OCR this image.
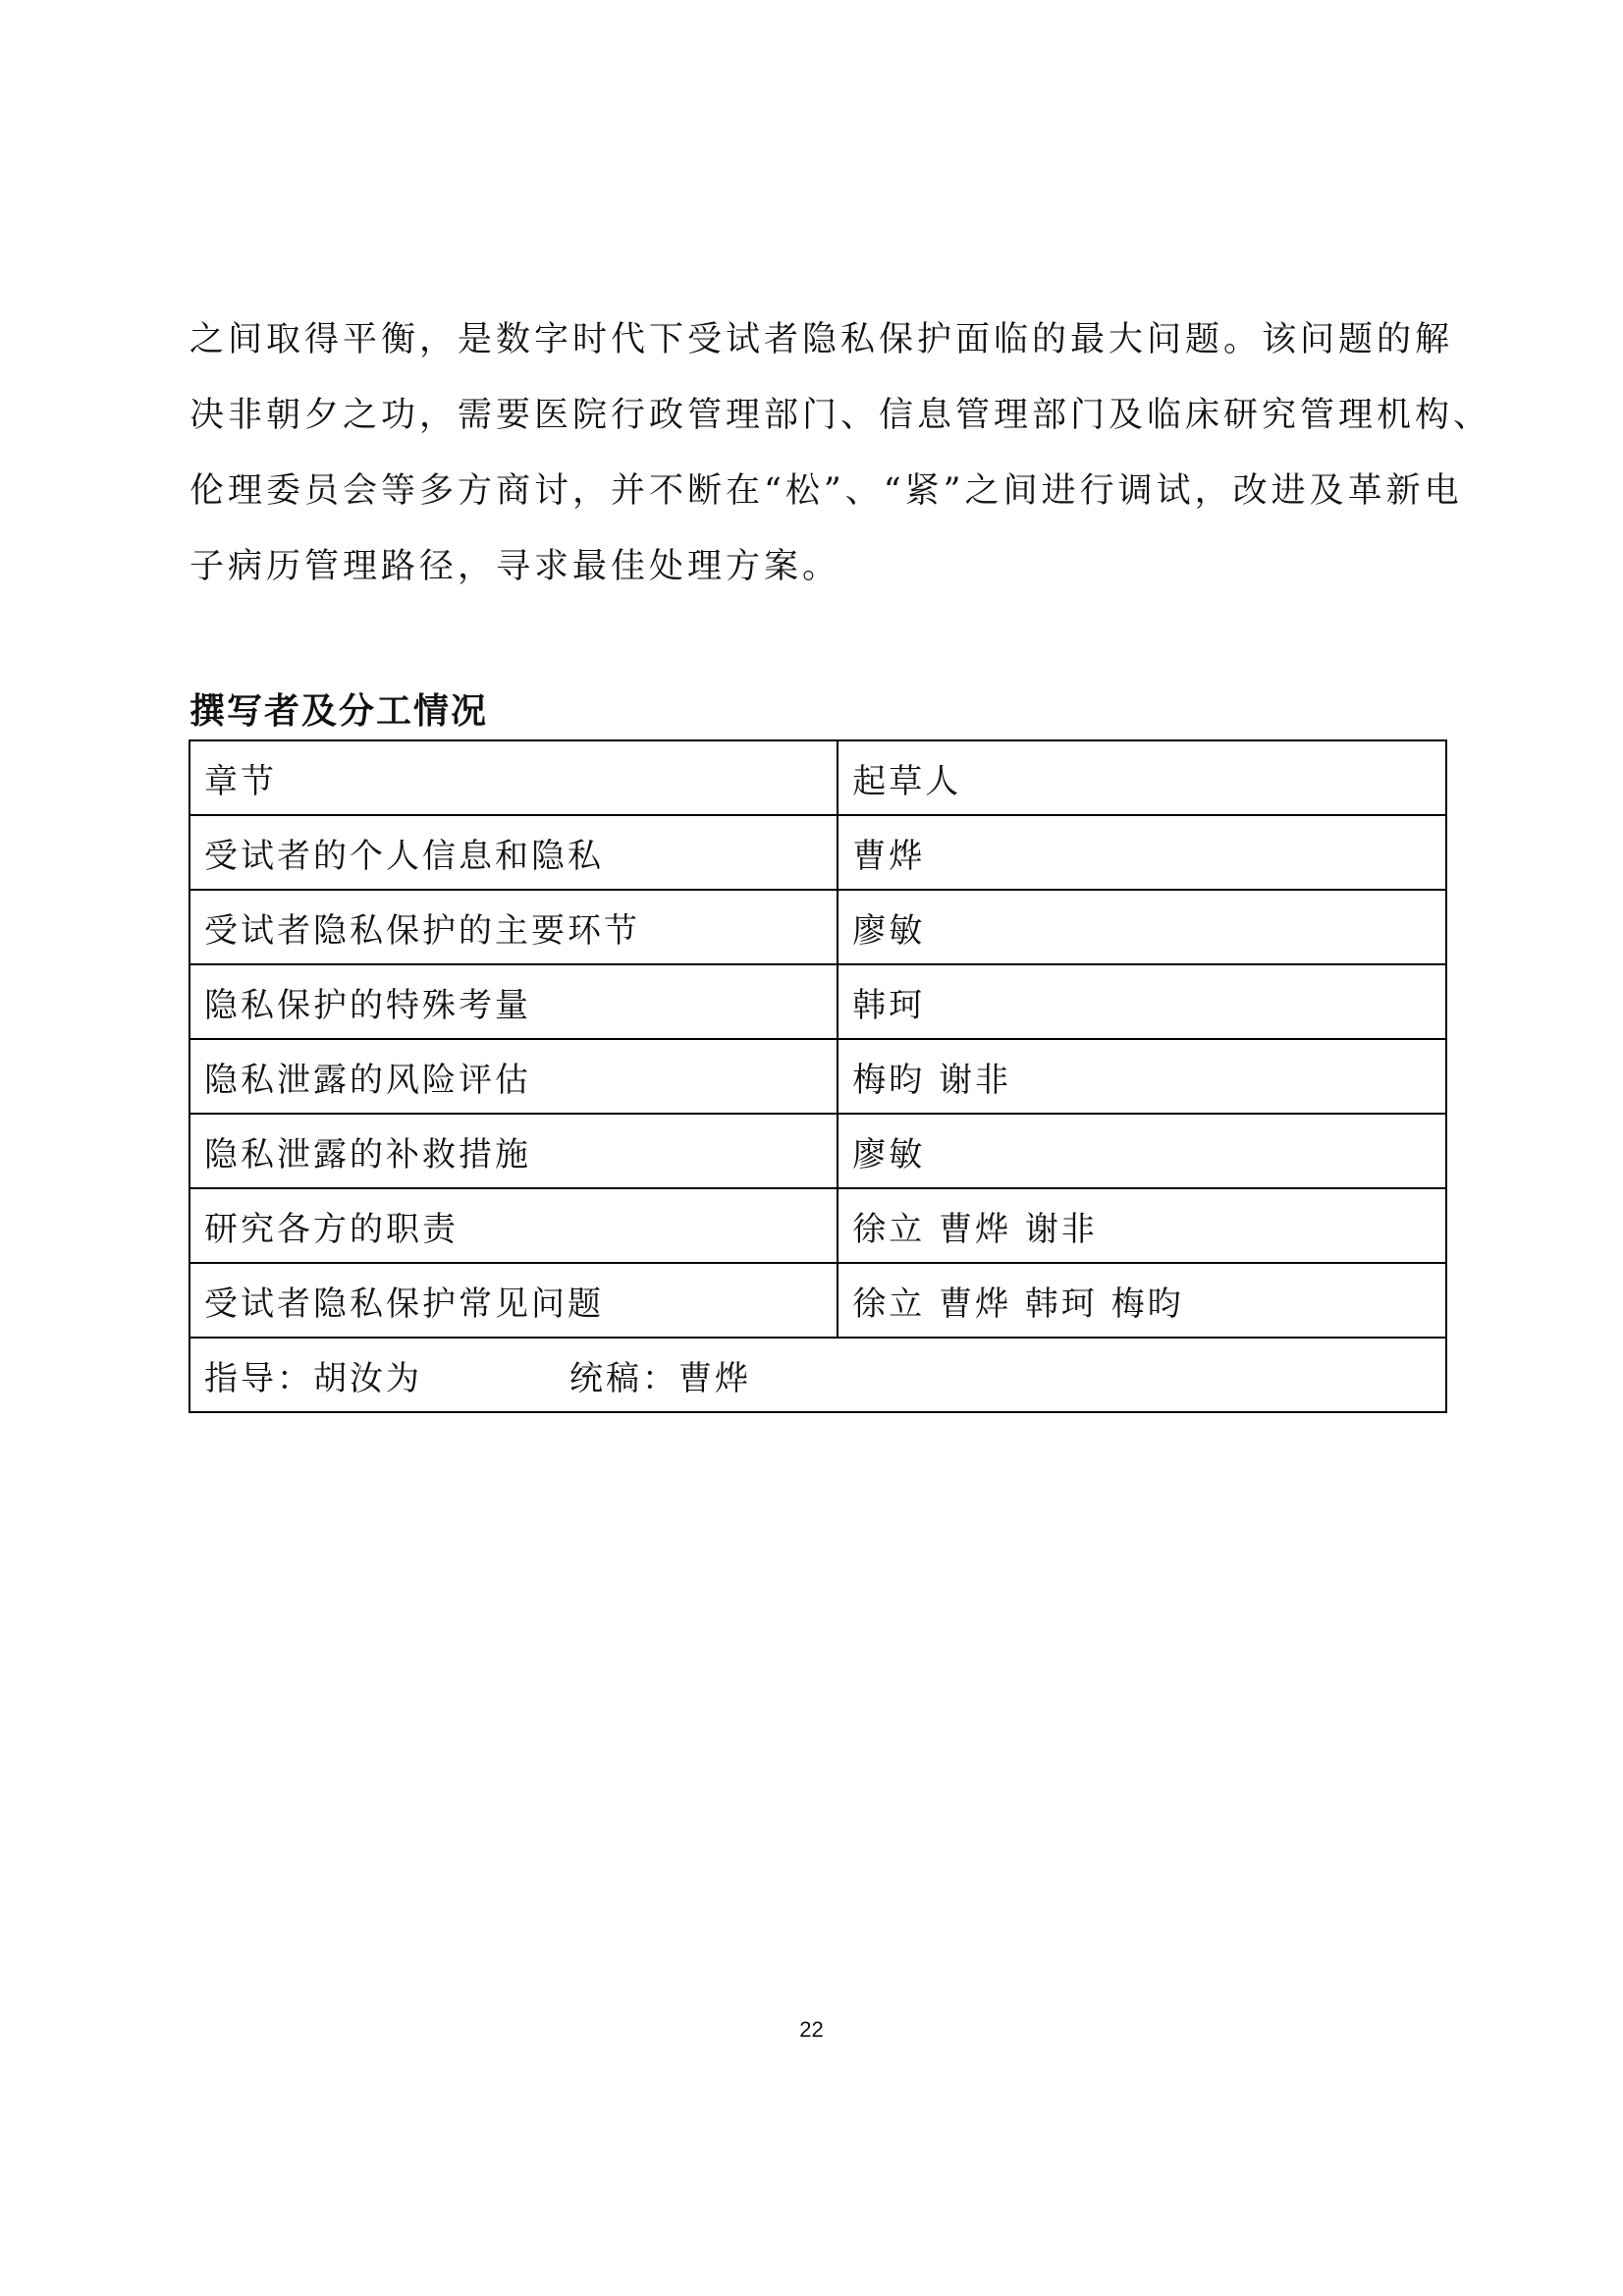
之间取得平衡，是数字时代下受试者隐私保护面临的最大问题。该问题的解
决非朝夕之功，需要医院行政管理部门、信息管理部门及临床研究管理机构、
伦理委员会等多方商讨，并不断在“松”、“紧”之间进行调试，改进及革新电
子病历管理路径，寻求最佳处理方案。
撰写者及分工情况
章节	起草人
受试者的个人信息和隐私	曹烨
受试者隐私保护的主要环节	廖敏
隐私保护的特殊考量	韩珂
隐私泄露的风险评估	梅昀 谢非
隐私泄露的补救措施	廖敏
研究各方的职责	徐立 曹烨 谢非
受试者隐私保护常见问题	徐立 曹烨 韩珂 梅昀
指导：胡汝为 统稿：曹烨	
22
